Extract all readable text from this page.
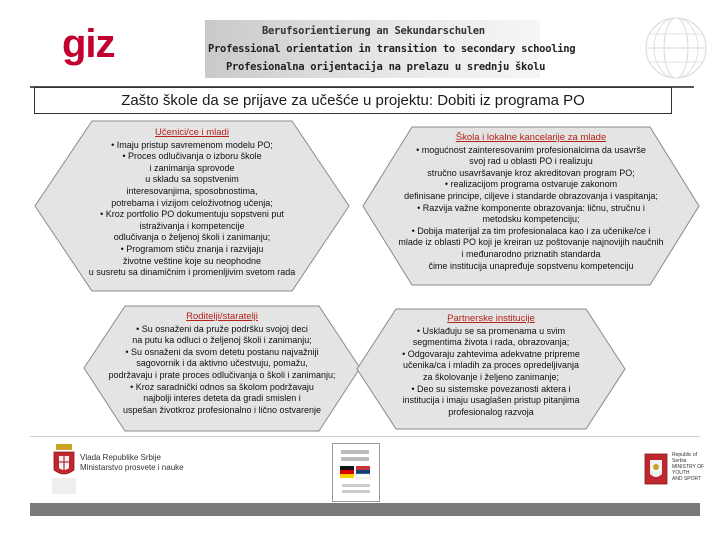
giz	Berufsorientierung an Sekundarschulen
Professional orientation in transition to secondary schooling
Profesionalna orijentacija na prelazu u srednju školu
Zašto škole da se prijave za učešće u projektu: Dobiti iz programa PO
Učenici/ce i mladi
• Imaju pristup savremenom modelu PO;
• Proces odlučivanja o izboru škole
i zanimanja sprovode
u skladu sa sopstvenim
interesovanjima, sposobnostima,
potrebama i vizijom celoživotnog učenja;
• Kroz portfolio PO dokumentuju sopstveni put
istraživanja i kompetencije
odlučivanja o željenoj školi i zanimanju;
• Programom stiču znanja i razvijaju
životne veštine koje su neophodne
u susretu sa dinamičnim i promenljivim svetom rada
Škola i lokalne kancelarije za mlade
• mogućnost zainteresovanim profesionalcima da usavrše
svoj rad u oblasti PO i realizuju
stručno usavršavanje kroz akreditovan program PO;
• realizacijom programa ostvaruje zakonom
definisane principe, ciljeve i standarde obrazovanja i vaspitanja;
• Razvija važne komponente obrazovanja: ličnu, stručnu i
metodsku kompetenciju;
• Dobija materijal za tim profesionalaca kao i za učenike/ce i
mlade iz oblasti PO koji je kreiran uz poštovanje najnovijih naučnih
i međunarodno priznatih standarda
čime institucija unapređuje sopstvenu kompetenciju
Roditelji/staratelji
• Su osnaženi da pruže podršku svojoj deci
na putu ka odluci o željenoj školi i zanimanju;
• Su osnaženi da svom detetu postanu najvažniji
sagovornik i da aktivno učestvuju, pomažu,
podržavaju i prate proces odlučivanja o školi i zanimanju;
• Kroz saradnički odnos sa školom podržavaju
najbolji interes deteta da gradi smislen i
uspešan životkroz profesionalno i lično ostvarenje
Partnerske institucije
• Usklađuju se sa promenama u svim
segmentima života i rada, obrazovanja;
• Odgovaraju zahtevima adekvatne pripreme
učenika/ca i mladih za proces opredeljivanja
za školovanje i željeno zanimanje;
• Deo su sistemske povezanosti aktera i
institucija i imaju usaglašen pristup pitanjima
profesionalog razvoja
Vlada Republike Srbije
Ministarstvo prosvete i nauke
Republic of Serbia
MINISTRY OF
YOUTH
AND SPORT
